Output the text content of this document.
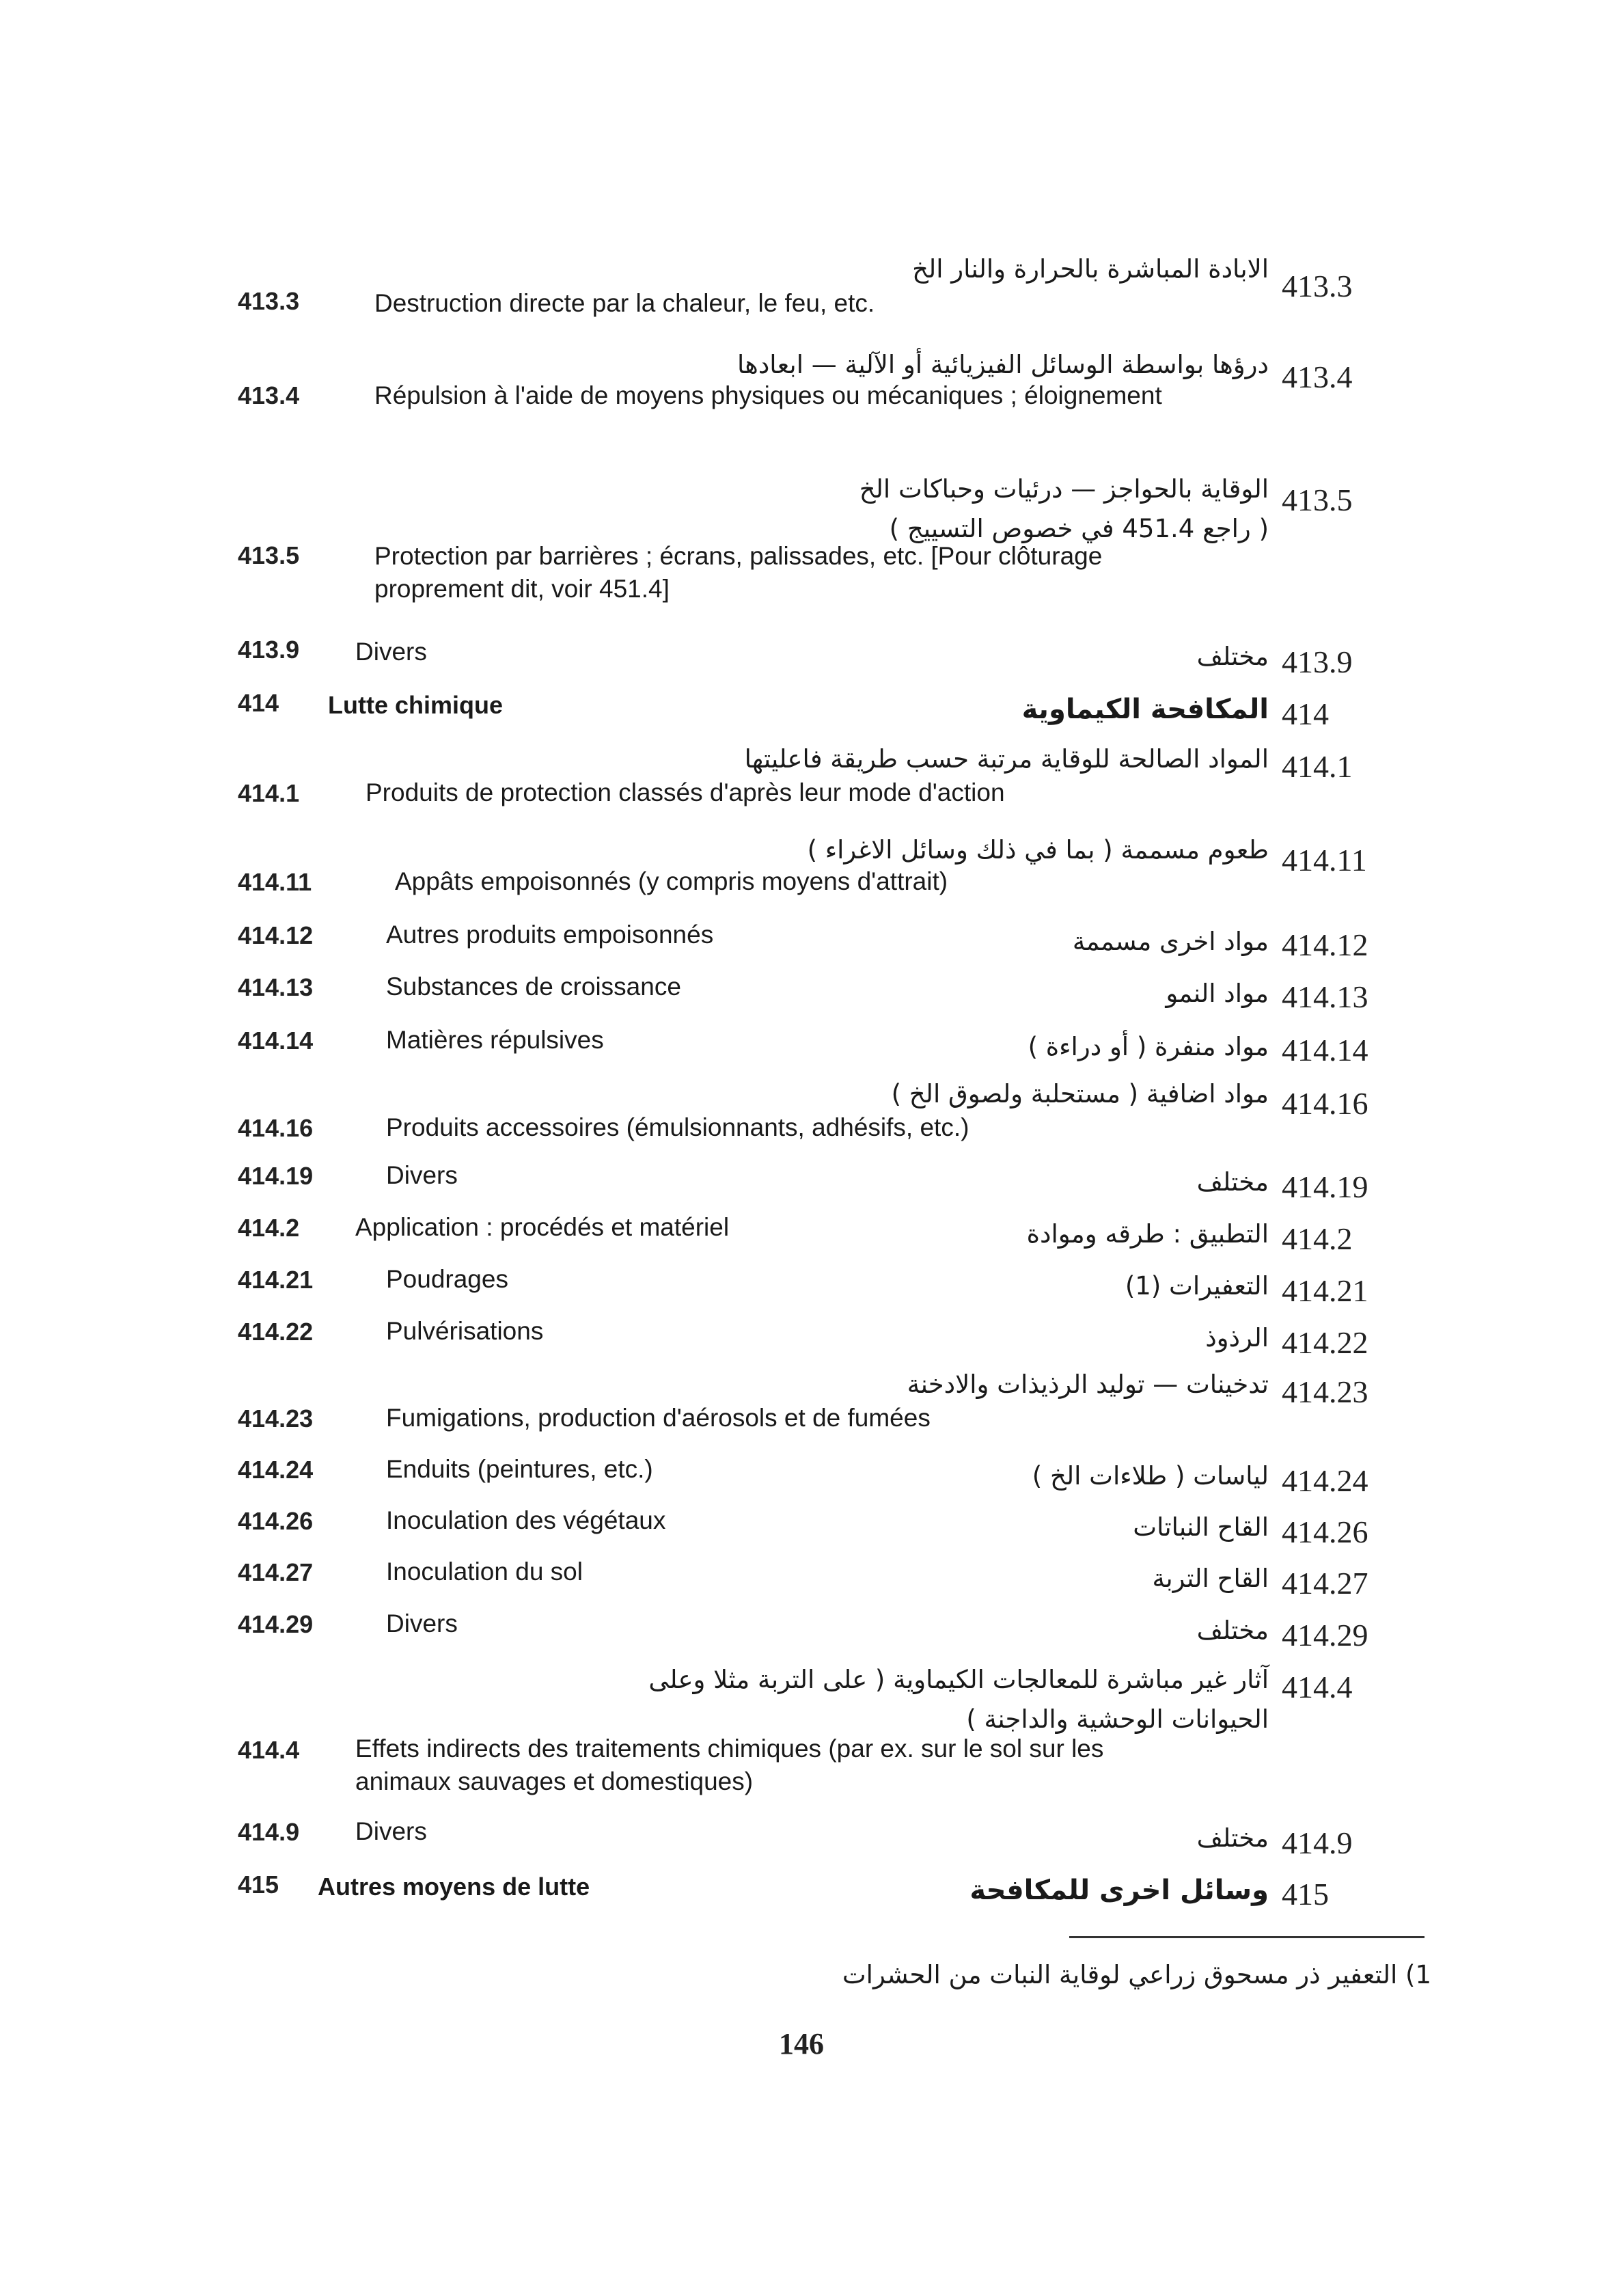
الابادة المباشرة بالحرارة والنار الخ 413.3
413.3	Destruction directe par la chaleur, le feu, etc.
درؤها بواسطة الوسائل الفيزيائية أو الآلية — ابعادها 413.4
413.4	Répulsion à l'aide de moyens physiques ou mécaniques ; éloignement
الوقاية بالحواجز — درئيات وحباكات الخ
( راجع 451.4 في خصوص التسييج )
413.5
413.5	Protection par barrières ; écrans, palissades, etc. [Pour clôturage proprement dit, voir 451.4]
413.9 Divers	مختلف 413.9
414 Lutte chimique	المكافحة الكيماوية 414
المواد الصالحة للوقاية مرتبة حسب طريقة فاعليتها 414.1
414.1	Produits de protection classés d'après leur mode d'action
طعوم مسممة ( بما في ذلك وسائل الاغراء ) 414.11
414.11	Appâts empoisonnés (y compris moyens d'attrait)
414.12	Autres produits empoisonnés	مواد اخرى مسممة 414.12
414.13	Substances de croissance	مواد النمو 414.13
414.14	Matières répulsives	مواد منفرة ( أو دراءة ) 414.14
مواد اضافية ( مستحلبة ولصوق الخ ) 414.16
414.16	Produits accessoires (émulsionnants, adhésifs, etc.)
414.19	Divers	مختلف 414.19
414.2 Application : procédés et matériel	التطبيق : طرقه وموادة 414.2
414.21	Poudrages	التعفيرات (1) 414.21
414.22	Pulvérisations	الرذوذ 414.22
تدخينات — توليد الرذيذات والادخنة 414.23
414.23	Fumigations, production d'aérosols et de fumées
414.24	Enduits (peintures, etc.)	لياسات ( طلاءات الخ ) 414.24
414.26	Inoculation des végétaux	القاح النباتات 414.26
414.27	Inoculation du sol	القاح التربة 414.27
414.29	Divers	مختلف 414.29
آثار غير مباشرة للمعالجات الكيماوية ( على التربة مثلا وعلى
الحيوانات الوحشية والداجنة )
414.4
414.4 Effets indirects des traitements chimiques (par ex. sur le sol sur les animaux sauvages et domestiques)
414.9 Divers	مختلف 414.9
415 Autres moyens de lutte	وسائل اخرى للمكافحة 415
1) التعفير ذر مسحوق زراعي لوقاية النبات من الحشرات
146
